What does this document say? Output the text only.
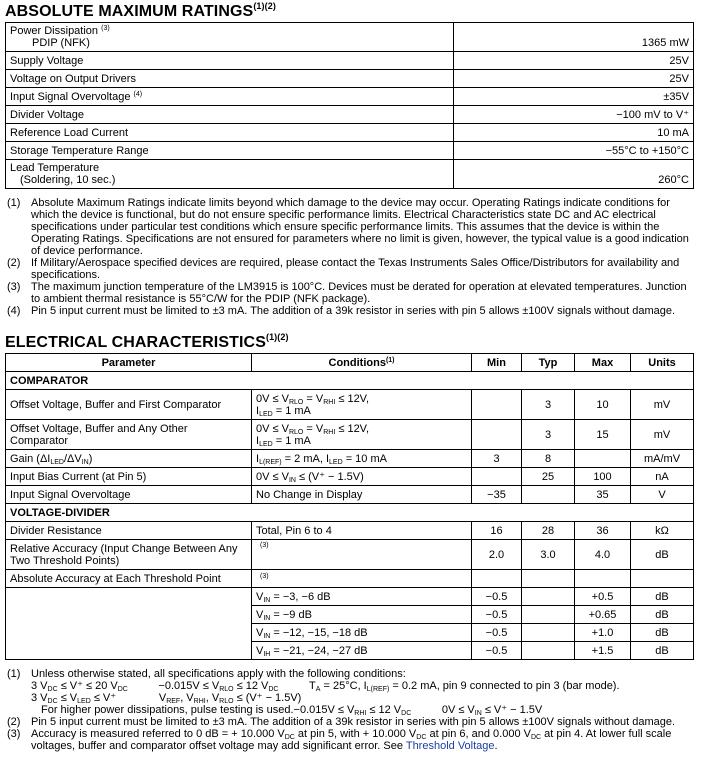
ABSOLUTE MAXIMUM $RATINGS^{(1)(2)}$
Power Dissipation $^{(3)}$
PDIP (NFK)	1365 mW
Supply Voltage	25V
Voltage on Output Drivers	25V
Input Signal Overvoltage $^{(4)}$	±35V
Divider Voltage	−100 mV to V⁺
Reference Load Current	10 mA
Storage Temperature Range	−55°C to +150°C

Lead Temperature
(Soldering, 10 sec.)	260°C
(1) Absolute Maximum Ratings indicate limits beyond which damage to the device may occur. Operating Ratings indicate conditions for which the device is functional, but do not ensure specific performance limits. Electrical Characteristics state DC and AC electrical specifications under particular test conditions which ensure specific performance limits. This assumes that the device is within the Operating Ratings. Specifications are not ensured for parameters where no limit is given, however, the typical value is a good indication of device performance.
(2) If Military/Aerospace specified devices are required, please contact the Texas Instruments Sales Office/Distributors for availability and specifications.
(3) The maximum junction temperature of the LM3915 is 100°C. Devices must be derated for operation at elevated temperatures. Junction to ambient thermal resistance is 55°C/W for the PDIP (NFK package).
(4) Pin 5 input current must be limited to ±3 mA. The addition of a 39k resistor in series with pin 5 allows ±100V signals without damage.
ELECTRICAL $CHARACTERISTICS^{(1)(2)}$
Parameter	Conditions$^{(1)}$	Min	Typ	Max	Units
COMPARATOR					
Offset Voltage, Buffer and First Comparator	$0V \le V_{RLO} = V_{RHI} \le 12V$,
$I_{LED} = 1$ mA		3	10	mV
Offset Voltage, Buffer and Any Other Comparator	$0V \le V_{RLO} = V_{RHI} \le 12V$,
$I_{LED} = 1$ mA		3	15	mV
Gain $(\Delta I_{LED}/\Delta V_{IN})$	$I_{L(REF)} = 2$ mA, $I_{LED} = 10$ mA	3	8		mA/mV
Input Bias Current (at Pin 5)	$0V \le V_{IN} \le (V^+ - 1.5V)$		25	100	nA
Input Signal Overvoltage	No Change in Display	−35		35	V
VOLTAGE-DIVIDER					
Divider Resistance	Total, Pin 6 to 4	16	28	36	kΩ
Relative Accuracy (Input Change Between Any Two Threshold Points)	$^{(3)}$	2.0	3.0	4.0	dB
Absolute Accuracy at Each Threshold Point	$^{(3)}$				
	$V_{IN} = -3$, −6 dB	−0.5		+0.5	dB
	$V_{IN} = -9$ dB	−0.5		+0.65	dB
	$V_{IN} = -12$, −15, −18 dB	−0.5		+1.0	dB
	$V_{IH} = -21$, −24, −27 dB	−0.5		+1.5	dB
(1) Unless otherwise stated, all specifications apply with the following conditions:
3 $V_{DC} \le V^+ \le 20$ $V_{DC}$          $-0.015V \le V_{RLO} \le 12$ $V_{DC}$          $T_A = 25^\circ C$, $I_{L(REF)} = 0.2$ mA, pin 9 connected to pin 3 (bar mode).
3 $V_{DC} \le V_{LED} \le V^+$              $V_{REF}$, $V_{RHI}$, $V_{RLO} \le (V^+ - 1.5V)$
For higher power dissipations, pulse testing is used.−0.015V ≤ $V_{RHI} \le 12$ $V_{DC}$          $0V \le V_{IN} \le V^+ - 1.5V$
(2) Pin 5 input current must be limited to ±3 mA. The addition of a 39k resistor in series with pin 5 allows ±100V signals without damage.
(3) Accuracy is measured referred to 0 dB = + 10.000 $V_{DC}$ at pin 5, with + 10.000 $V_{DC}$ at pin 6, and 0.000 $V_{DC}$ at pin 4. At lower full scale voltages, buffer and comparator offset voltage may add significant error. See Threshold Voltage.
